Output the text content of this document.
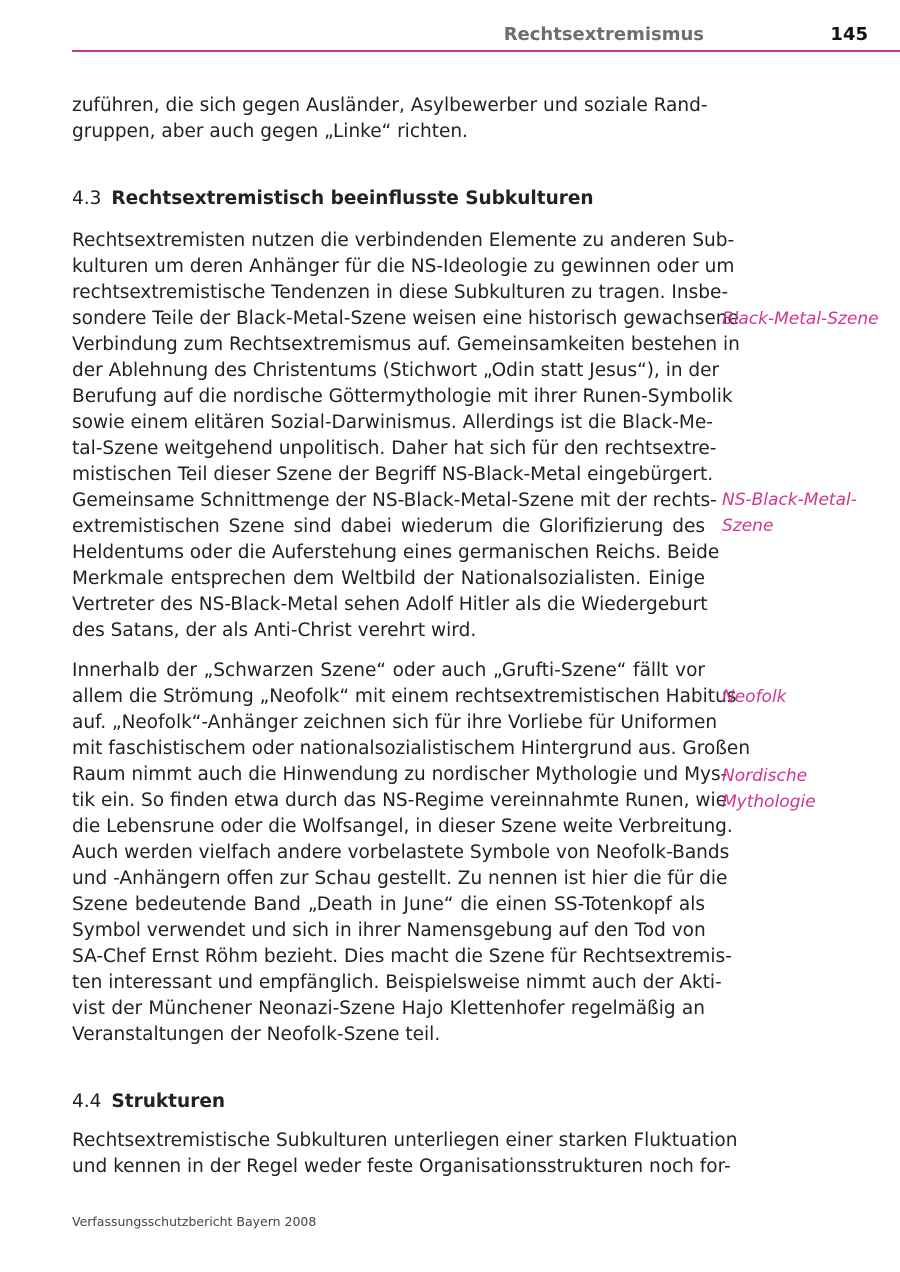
Rechtsextremismus	145

zuführen, die sich gegen Ausländer, Asylbewerber und soziale Rand-
gruppen, aber auch gegen „Linke“ richten.

4.3 Rechtsextremistisch beeinflusste Subkulturen

Rechtsextremisten nutzen die verbindenden Elemente zu anderen Sub-
kulturen um deren Anhänger für die NS-Ideologie zu gewinnen oder um
rechtsextremistische Tendenzen in diese Subkulturen zu tragen. Insbe-
sondere Teile der Black-Metal-Szene weisen eine historisch gewachsene
Verbindung zum Rechtsextremismus auf. Gemeinsamkeiten bestehen in
der Ablehnung des Christentums (Stichwort „Odin statt Jesus“), in der
Berufung auf die nordische Göttermythologie mit ihrer Runen-Symbolik
sowie einem elitären Sozial-Darwinismus. Allerdings ist die Black-Me-
tal-Szene weitgehend unpolitisch. Daher hat sich für den rechtsextre-
mistischen Teil dieser Szene der Begriff NS-Black-Metal eingebürgert.
Gemeinsame Schnittmenge der NS-Black-Metal-Szene mit der rechts-
extremistischen Szene sind dabei wiederum die Glorifizierung des
Heldentums oder die Auferstehung eines germanischen Reichs. Beide
Merkmale entsprechen dem Weltbild der Nationalsozialisten. Einige
Vertreter des NS-Black-Metal sehen Adolf Hitler als die Wiedergeburt
des Satans, der als Anti-Christ verehrt wird.

Innerhalb der „Schwarzen Szene“ oder auch „Grufti-Szene“ fällt vor
allem die Strömung „Neofolk“ mit einem rechtsextremistischen Habitus
auf. „Neofolk“-Anhänger zeichnen sich für ihre Vorliebe für Uniformen
mit faschistischem oder nationalsozialistischem Hintergrund aus. Großen
Raum nimmt auch die Hinwendung zu nordischer Mythologie und Mys-
tik ein. So finden etwa durch das NS-Regime vereinnahmte Runen, wie
die Lebensrune oder die Wolfsangel, in dieser Szene weite Verbreitung.
Auch werden vielfach andere vorbelastete Symbole von Neofolk-Bands
und -Anhängern offen zur Schau gestellt. Zu nennen ist hier die für die
Szene bedeutende Band „Death in June“ die einen SS-Totenkopf als
Symbol verwendet und sich in ihrer Namensgebung auf den Tod von
SA-Chef Ernst Röhm bezieht. Dies macht die Szene für Rechtsextremis-
ten interessant und empfänglich. Beispielsweise nimmt auch der Akti-
vist der Münchener Neonazi-Szene Hajo Klettenhofer regelmäßig an
Veranstaltungen der Neofolk-Szene teil.

4.4 Strukturen

Rechtsextremistische Subkulturen unterliegen einer starken Fluktuation
und kennen in der Regel weder feste Organisationsstrukturen noch for-

Black-Metal-Szene
NS-Black-Metal-
Szene
Neofolk
Nordische
Mythologie
Verfassungsschutzbericht Bayern 2008
